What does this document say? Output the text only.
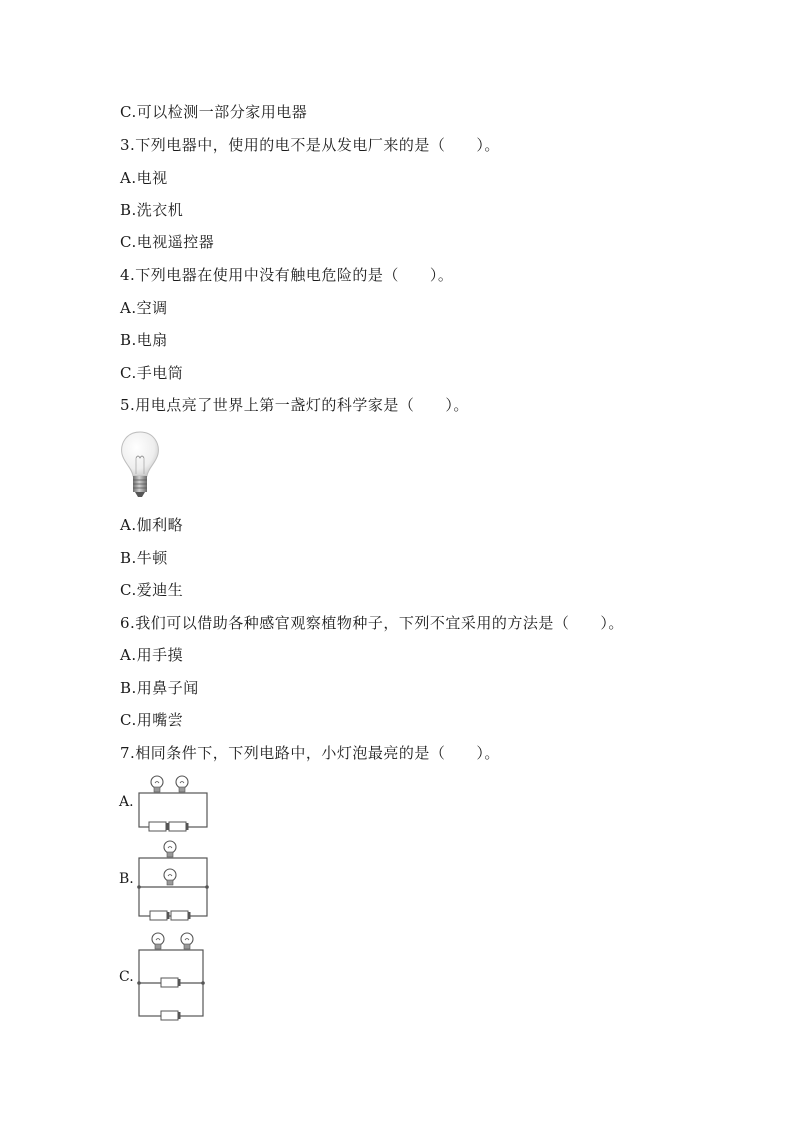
C.可以检测一部分家用电器
3.下列电器中，使用的电不是从发电厂来的是（　　）。
A.电视
B.洗衣机
C.电视遥控器
4.下列电器在使用中没有触电危险的是（　　）。
A.空调
B.电扇
C.手电筒
5.用电点亮了世界上第一盏灯的科学家是（　　）。
A.伽利略
B.牛顿
C.爱迪生
6.我们可以借助各种感官观察植物种子，下列不宜采用的方法是（　　）。
A.用手摸
B.用鼻子闻
C.用嘴尝
7.相同条件下，下列电路中，小灯泡最亮的是（　　）。
A.
B.
C.
